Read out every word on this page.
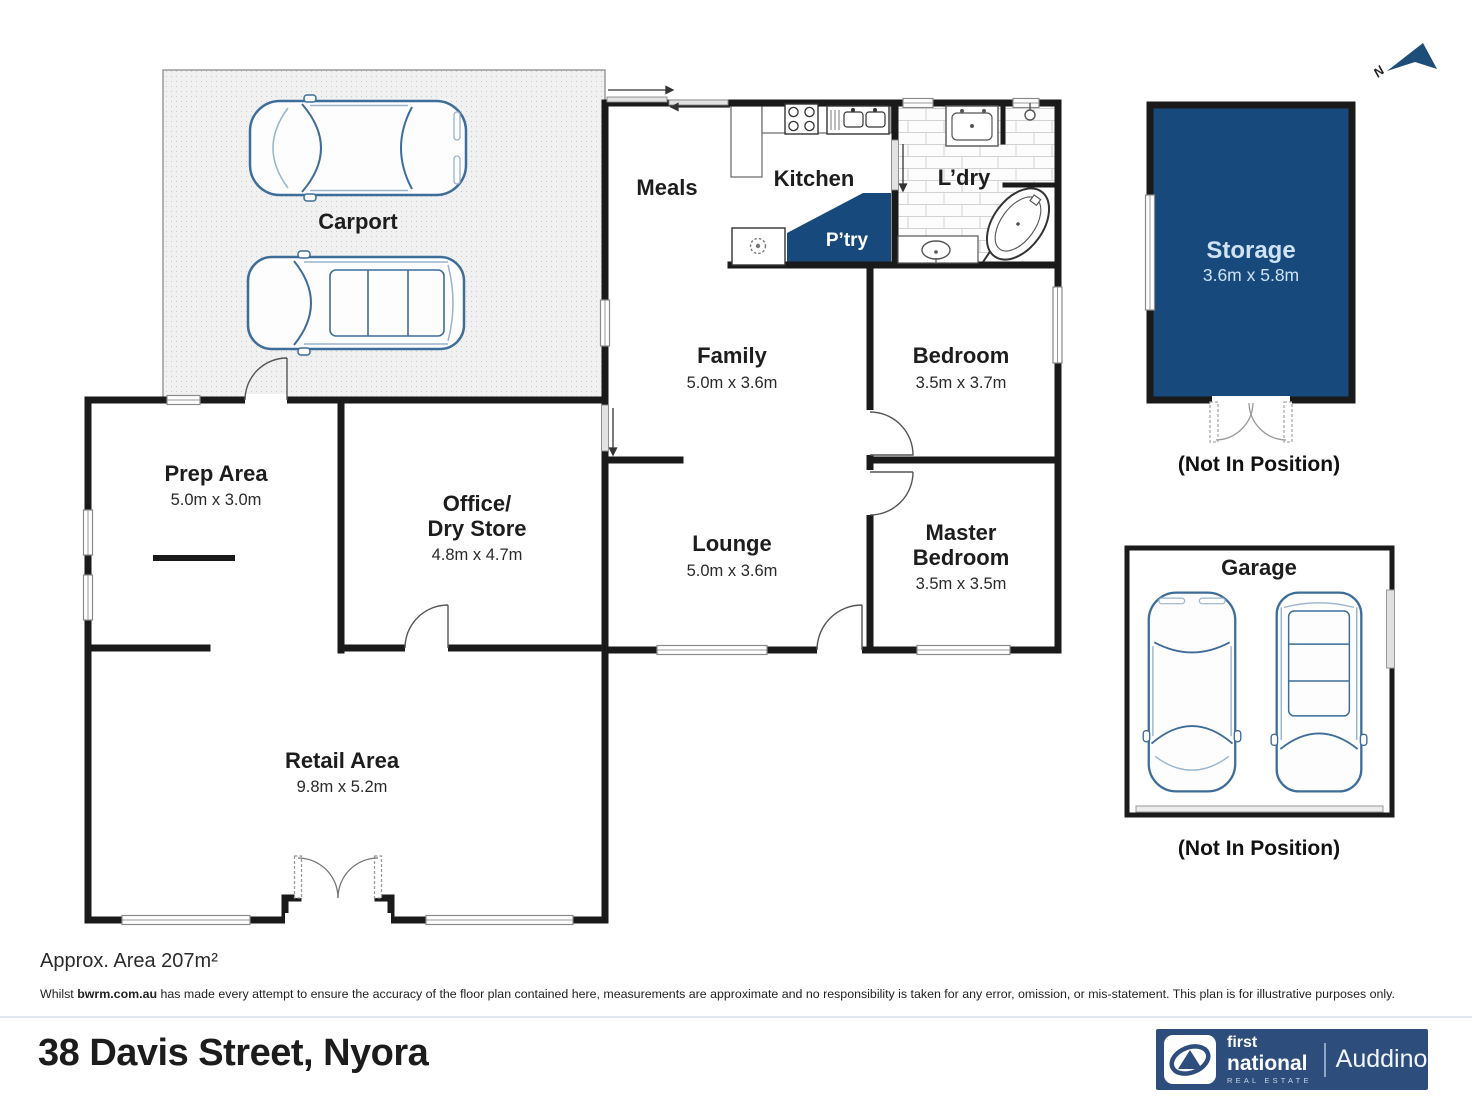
N
Carport
Meals	Kitchen	L’dry
P’try
Family
5.0m x 3.6m
Bedroom
3.5m x 3.7m
Lounge
5.0m x 3.6m
Master
Bedroom
3.5m x 3.5m
Prep Area
5.0m x 3.0m	Office/
Dry Store
4.8m x 4.7m
Retail Area
9.8m x 5.2m
Storage
3.6m x 5.8m
(Not In Position)
Garage
(Not In Position)
Approx. Area 207m²
Whilst bwrm.com.au has made every attempt to ensure the accuracy of the floor plan contained here, measurements are approximate and no responsibility is taken for any error, omission, or mis-statement. This plan is for illustrative purposes only.
38 Davis Street, Nyora	first
national
REAL ESTATE
Auddino
